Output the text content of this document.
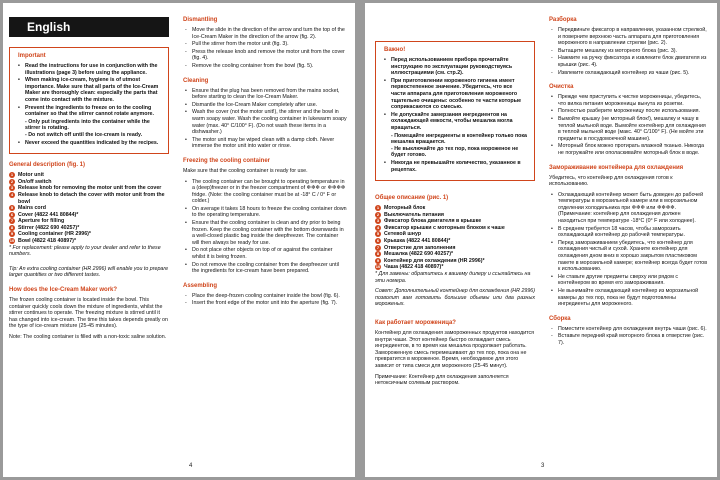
English
Important
• Read the instructions for use in conjunction with the illustrations (page 3) before using the appliance.
• When making ice-cream, hygiene is of utmost importance. Make sure that all parts of the Ice-Cream Maker are thoroughly clean: especially the parts that come into contact with the mixture.
• Prevent the ingredients to freeze on to the cooling container so that the stirrer cannot rotate anymore.
- Only put ingredients into the container while the stirrer is rotating.
- Do not switch off until the ice-cream is ready.
• Never exceed the quantities indicated by the recipes.
General description (fig. 1)
1 Motor unit
2 On/off switch
3 Release knob for removing the motor unit from the cover
4 Release knob to detach the cover with motor unit from the bowl
5 Mains cord
6 Cover (4822 441 80844)*
7 Aperture for filling
8 Stirrer (4822 690 40257)*
9 Cooling container (HR 2996)*
10 Bowl (4822 418 40897)*
* For replacement: please apply to your dealer and refer to these numbers.
Tip: An extra cooling container (HR 2996) will enable you to prepare larger quantities or two different tastes.
How does the Ice-Cream Maker work?
The frozen cooling container is located inside the bowl. This container quickly cools down the mixture of ingredients, whilst the stirrer continues to operate. The freezing mixture is stirred until it has changed into ice-cream. The time this takes depends greatly on the type of ice-cream mixture (25-45 minutes).
Note: The cooling container is filled with a non-toxic saline solution.
Dismantling
- Move the slide in the direction of the arrow and turn the top of the Ice-Cream Maker in the direction of the arrow (fig. 2).
- Pull the stirrer from the motor unit (fig. 3).
- Press the release knob and remove the motor unit from the cover (fig. 4).
- Remove the cooling container from the bowl (fig. 5).
Cleaning
• Ensure that the plug has been removed from the mains socket, before starting to clean the Ice-Cream Maker.
• Dismantle the Ice-Cream Maker completely after use.
• Wash the cover (not the motor unit!), the stirrer and the bowl in warm soapy water. Wash the cooling container in lukewarm soapy water (max. 40° C/100° F). (Do not wash these items in a dishwasher.)
• The motor unit may be wiped clean with a damp cloth. Never immerse the motor unit into water or rinse.
Freezing the cooling container
Make sure that the cooling container is ready for use.
• The cooling container can be brought to operating temperature in a (deep)freezer or in the freezer compartment of ❄❄❄ or ❄❄❄❄ fridge. (Note: the cooling container must be at -18° C / 0° F or colder.)
• On average it takes 18 hours to freeze the cooling container down to the operating temperature.
• Ensure that the cooling container is clean and dry prior to being frozen. Keep the cooling container with the bottom downwards in a well-closed plastic bag inside the deepfreezer. The container will then always be ready for use.
• Do not place other objects on top of or against the container whilst it is being frozen.
• Do not remove the cooling container from the deepfreezer until the ingredients for ice-cream have been prepared.
Assembling
- Place the deep-frozen cooling container inside the bowl (fig. 6).
- Insert the front edge of the motor unit into the aperture (fig. 7).
4
Важно!
• Перед использованием прибора прочитайте инструкцию по эксплуатации руководствуясь иллюстрациями (см. стр.2).
• При приготовлении мороженого гигиена имеет первостепенное значение. Убедитесь, что все части аппарата для приготовления мороженого тщательно очищены: особенно те части которые соприкасаются со смесью.
• Не допускайте замерзания ингредиентов на охлаждающей емкости, чтобы мешалка могла вращаться.
- Помещайте ингредиенты в контейнер только пока мешалка вращается.
- Не выключайте до тех пор, пока мороженое не будет готово.
• Никогда не превышайте количество, указанное в рецептах.
Общее описание (рис. 1)
1 Моторный блок
2 Выключатель питания
3 Фиксатор блока двигателя в крышке
4 Фиксатор крышки с моторным блоком к чаше
5 Сетевой шнур
6 Крышка (4822 441 80844)*
7 Отверстие для заполнения
8 Мешалка (4822 690 40257)*
9 Контейнер для охлаждения (HR 2996)*
10 Чаша (4822 418 40897)*
* Для замены: обратитесь к вашему дилеру и ссылайтесь на эти номера.
Совет: Дополнительный контейнер для охлаждения (HR 2996) позволит вам готовить большие объемы или два разных мороженых.
Как работает мороженица?
Контейнер для охлаждения замороженных продуктов находится внутри чаши. Этот контейнер быстро охлаждает смесь ингредиентов, в то время как мешалка продолжает работать. Замороженную смесь перемешивают до тех пор, пока она не превратится в мороженое. Время, необходимое для этого зависит от типа смеси для мороженого (25-45 минут).
Примечание: Контейнер для охлаждения заполняется нетоксичным солевым раствором.
Разборка
- Передвиньте фиксатор в направлении, указанном стрелкой, и поверните верхнюю часть аппарата для приготовления мороженого в направлении стрелки (рис. 2).
- Вытащите мешалку из моторного блока (рис. 3).
- Нажмите на ручку фиксатора и извлеките блок двигателя из крышки (рис. 4).
- Извлеките охлаждающий контейнер из чаши (рис. 5).
Очистка
• Прежде чем приступить к чистке мороженицы, убедитесь, что вилка питания мороженицы вынута из розетки.
• Полностью разберите мороженицу после использования.
• Вымойте крышку (не моторный блок!), мешалку и чашу в теплой мыльной воде. Вымойте контейнер для охлаждения в теплой мыльной воде (макс. 40° C/100° F). (Не мойте эти предметы в посудомоечной машине).
• Моторный блок можно протирать влажной тканью. Никогда не погружайте или ополаскивайте моторный блок в воде.
Замораживание контейнера для охлаждения
Убедитесь, что контейнер для охлаждения готов к использованию.
• Охлаждающий контейнер может быть доведен до рабочей температуры в морозильной камере или в морозильном отделении холодильника при ❄❄❄ или ❄❄❄❄. (Примечание: контейнер для охлаждения должен находиться при температуре -18°C (0° F или холоднее).
• В среднем требуется 18 часов, чтобы заморозить охлаждающий контейнер до рабочей температуры.
• Перед замораживанием убедитесь, что контейнер для охлаждения чистый и сухой. Храните контейнер для охлаждения дном вниз в хорошо закрытом пластиковом пакете в морозильной камере; контейнер всегда будет готов к использованию.
• Не ставьте другие предметы сверху или рядом с контейнером во время его замораживания.
• Не вынимайте охлаждающий контейнер из морозильной камеры до тех пор, пока не будут подготовлены ингредиенты для мороженого.
Сборка
- Поместите контейнер для охлаждения внутрь чаши (рис. 6).
- Вставьте передний край моторного блока в отверстие (рис. 7).
3
